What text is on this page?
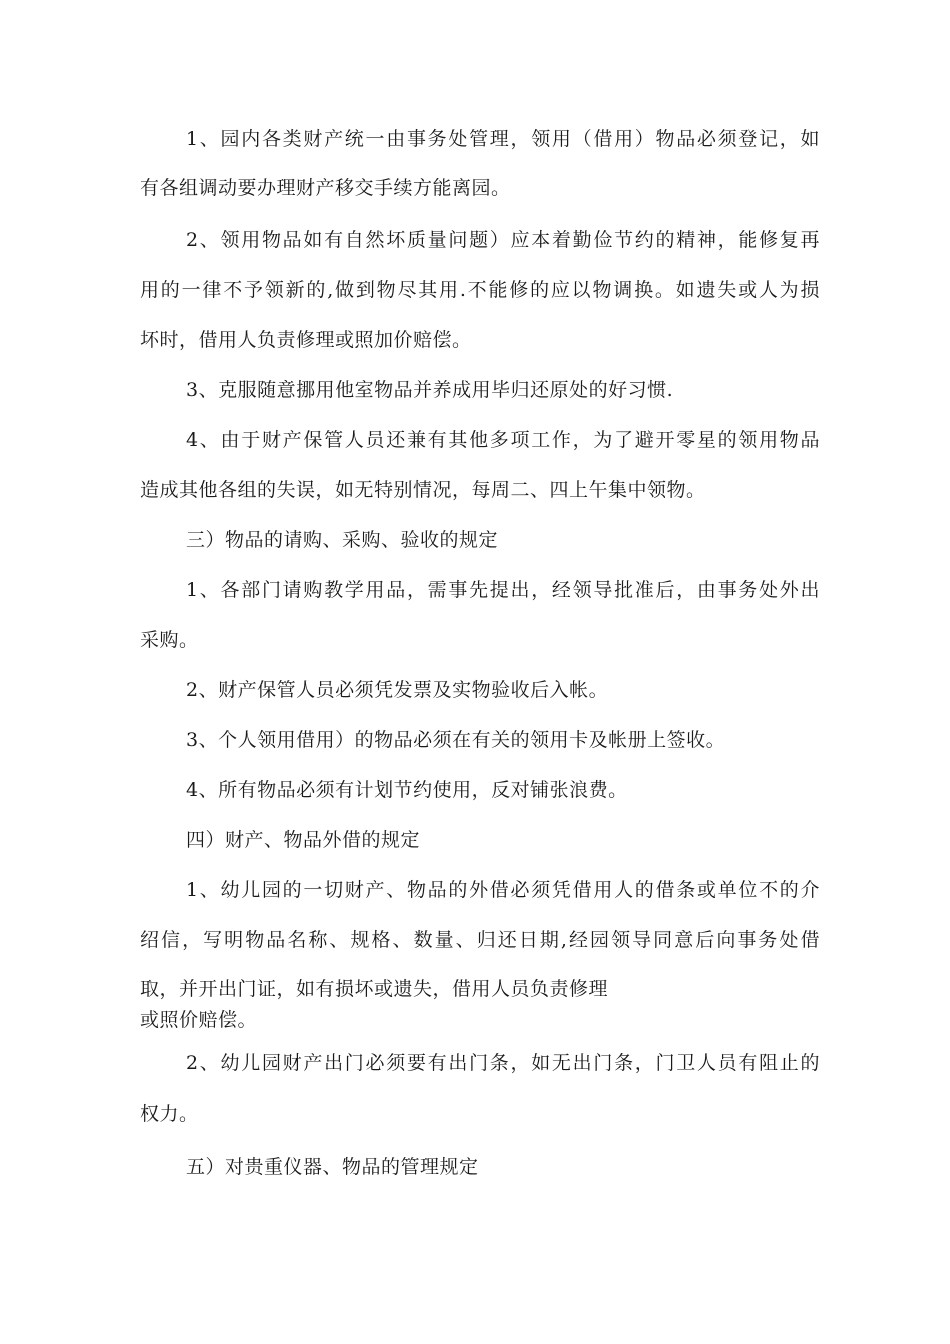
1、园内各类财产统一由事务处管理，领用（借用）物品必须登记，如
有各组调动要办理财产移交手续方能离园。
2、领用物品如有自然坏质量问题）应本着勤俭节约的精神，能修复再
用的一律不予领新的,做到物尽其用.不能修的应以物调换。如遗失或人为损
坏时，借用人负责修理或照加价赔偿。
3、克服随意挪用他室物品并养成用毕归还原处的好习惯.
4、由于财产保管人员还兼有其他多项工作，为了避开零星的领用物品
造成其他各组的失误，如无特别情况，每周二、四上午集中领物。
三）物品的请购、采购、验收的规定
1、各部门请购教学用品，需事先提出，经领导批准后，由事务处外出
采购。
2、财产保管人员必须凭发票及实物验收后入帐。
3、个人领用借用）的物品必须在有关的领用卡及帐册上签收。
4、所有物品必须有计划节约使用，反对铺张浪费。
四）财产、物品外借的规定
1、幼儿园的一切财产、物品的外借必须凭借用人的借条或单位不的介
绍信，写明物品名称、规格、数量、归还日期,经园领导同意后向事务处借
取，并开出门证，如有损坏或遗失，借用人员负责修理
或照价赔偿。
2、幼儿园财产出门必须要有出门条，如无出门条，门卫人员有阻止的
权力。
五）对贵重仪器、物品的管理规定
